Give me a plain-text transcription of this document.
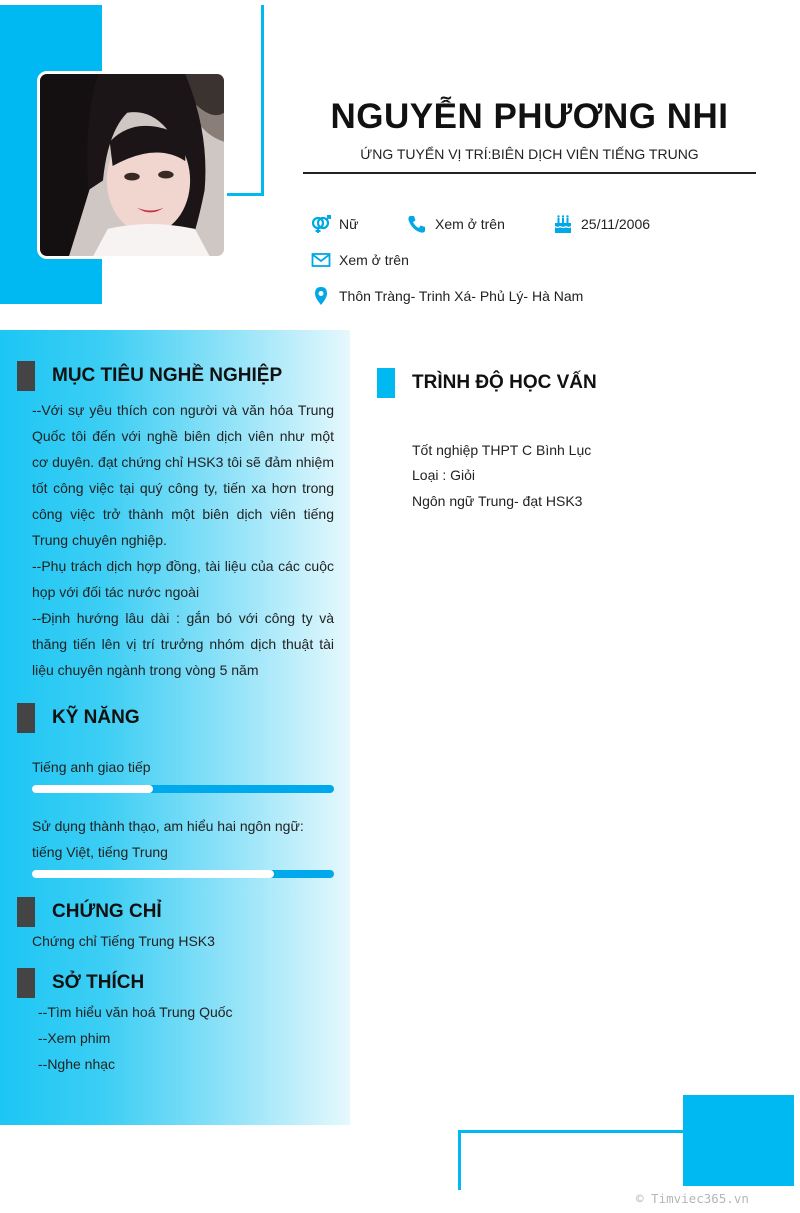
NGUYỄN PHƯƠNG NHI
ỨNG TUYỂN VỊ TRÍ:BIÊN DỊCH VIÊN TIẾNG TRUNG
Nữ	Xem ở trên	25/11/2006
Xem ở trên
Thôn Tràng- Trinh Xá- Phủ Lý- Hà Nam
MỤC TIÊU NGHỀ NGHIỆP
--Với sự yêu thích con người và văn hóa Trung Quốc tôi đến với nghề biên dịch viên như một cơ duyên. đạt chứng chỉ HSK3 tôi sẽ đảm nhiệm tốt công việc tại quý công ty, tiến xa hơn trong công việc trở thành một biên dịch viên tiếng Trung chuyên nghiệp.
--Phụ trách dịch hợp đồng, tài liệu của các cuộc họp với đối tác nước ngoài
--Định hướng lâu dài : gắn bó với công ty và thăng tiến lên vị trí trưởng nhóm dịch thuật tài liệu chuyên ngành trong vòng 5 năm
KỸ NĂNG
Tiếng anh giao tiếp
Sử dụng thành thạo, am hiểu hai ngôn ngữ: tiếng Việt, tiếng Trung
CHỨNG CHỈ
Chứng chỉ Tiếng Trung HSK3
SỞ THÍCH
--Tìm hiểu văn hoá Trung Quốc
--Xem phim
--Nghe nhạc
TRÌNH ĐỘ HỌC VẤN
Tốt nghiệp THPT C Bình Lục
Loại : Giỏi
Ngôn ngữ Trung- đạt HSK3
© Timviec365.vn
